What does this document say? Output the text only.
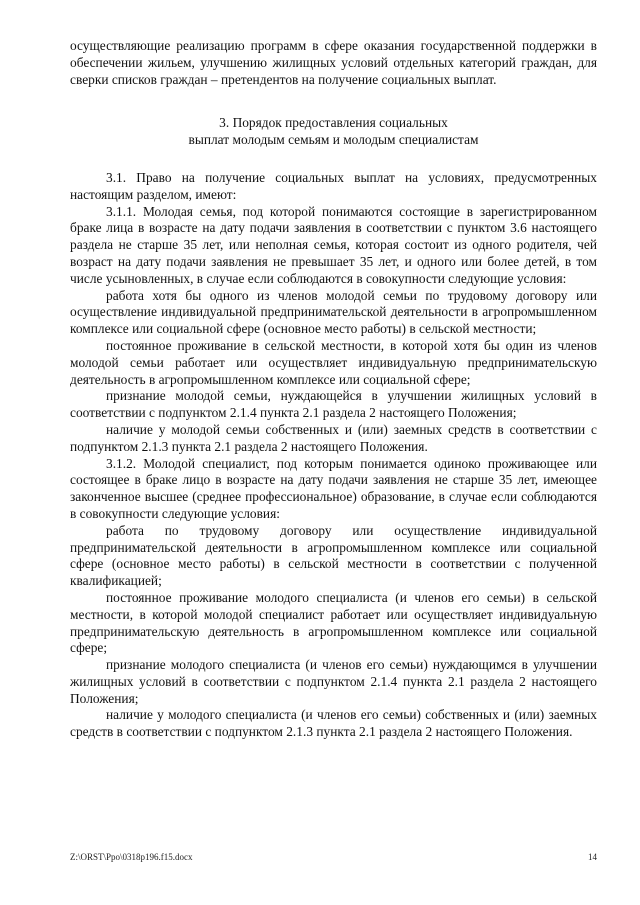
осуществляющие реализацию программ в сфере оказания государственной поддержки в обеспечении жильем, улучшению жилищных условий отдельных категорий граждан, для сверки списков граждан – претендентов на получение социальных выплат.

3. Порядок предоставления социальных

выплат молодым семьям и молодым специалистам

3.1. Право на получение социальных выплат на условиях, предусмотренных настоящим разделом, имеют:

3.1.1. Молодая семья, под которой понимаются состоящие в зарегистрированном браке лица в возрасте на дату подачи заявления в соответствии с пунктом 3.6 настоящего раздела не старше 35 лет, или неполная семья, которая состоит из одного родителя, чей возраст на дату подачи заявления не превышает 35 лет, и одного или более детей, в том числе усыновленных, в случае если соблюдаются в совокупности следующие условия:

работа хотя бы одного из членов молодой семьи по трудовому договору или осуществление индивидуальной предпринимательской деятельности в агропромышленном комплексе или социальной сфере (основное место работы) в сельской местности;

постоянное проживание в сельской местности, в которой хотя бы один из членов молодой семьи работает или осуществляет индивидуальную предпринимательскую деятельность в агропромышленном комплексе или социальной сфере;

признание молодой семьи, нуждающейся в улучшении жилищных условий в соответствии с подпунктом 2.1.4 пункта 2.1 раздела 2 настоящего Положения;

наличие у молодой семьи собственных и (или) заемных средств в соответствии с подпунктом 2.1.3 пункта 2.1 раздела 2 настоящего Положения.

3.1.2. Молодой специалист, под которым понимается одиноко проживающее или состоящее в браке лицо в возрасте на дату подачи заявления не старше 35 лет, имеющее законченное высшее (среднее профессиональное) образование, в случае если соблюдаются в совокупности следующие условия:

работа по трудовому договору или осуществление индивидуальной предпринимательской деятельности в агропромышленном комплексе или социальной сфере (основное место работы) в сельской местности в соответствии с полученной квалификацией;

постоянное проживание молодого специалиста (и членов его семьи) в сельской местности, в которой молодой специалист работает или осуществляет индивидуальную предпринимательскую деятельность в агропромышленном комплексе или социальной сфере;

признание молодого специалиста (и членов его семьи) нуждающимся в улучшении жилищных условий в соответствии с подпунктом 2.1.4 пункта 2.1 раздела 2 настоящего Положения;

наличие у молодого специалиста (и членов его семьи) собственных и (или) заемных средств в соответствии с подпунктом 2.1.3 пункта 2.1 раздела 2 настоящего Положения.

Z:\ORST\Ppo\0318p196.f15.docx	14
